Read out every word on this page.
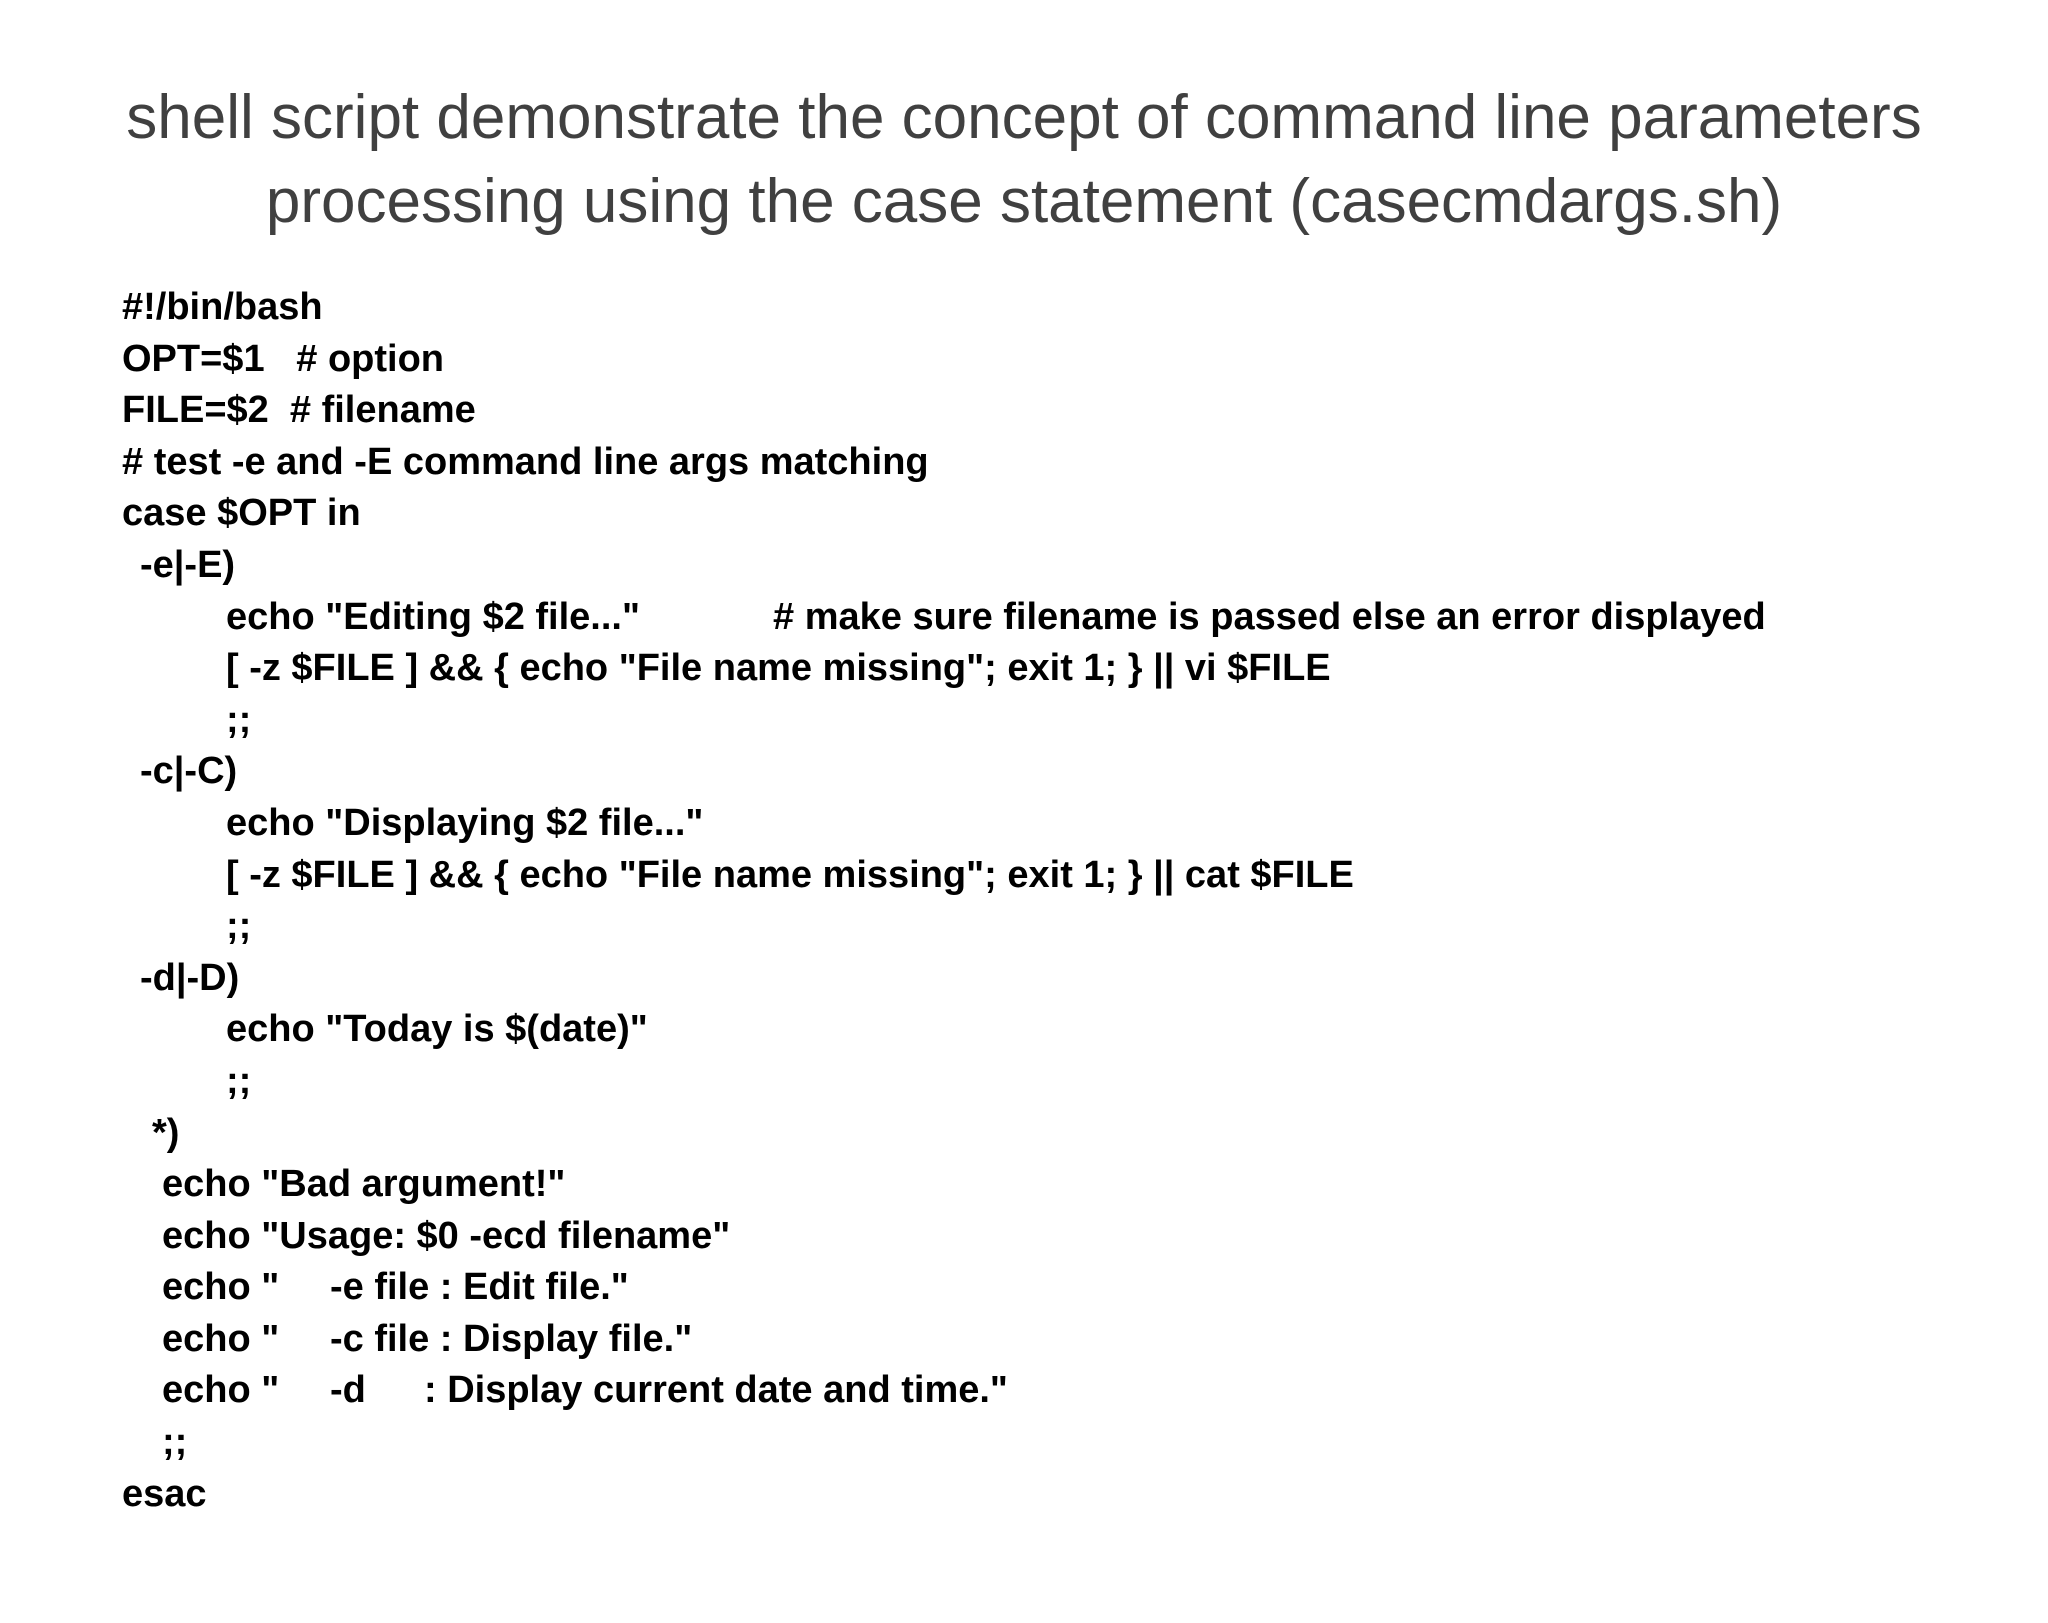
shell script demonstrate the concept of command line parameters
processing using the case statement (casecmdargs.sh)
#!/bin/bash
OPT=$1   # option
FILE=$2  # filename
# test -e and -E command line args matching
case $OPT in
-e|-E)

echo "Editing $2 file..."

	# make sure filename is passed else an error displayed

[ -z $FILE ] && { echo "File name missing"; exit 1; } || vi $FILE
;;
-c|-C)
echo "Displaying $2 file..."
[ -z $FILE ] && { echo "File name missing"; exit 1; } || cat $FILE
;;
-d|-D)
echo "Today is $(date)"
;;
*)
echo "Bad argument!"
echo "Usage: $0 -ecd filename"

echo "

-e file : Edit file."

echo "

-c file : Display file."

echo "

-d

: Display current date and time."

;;
esac
